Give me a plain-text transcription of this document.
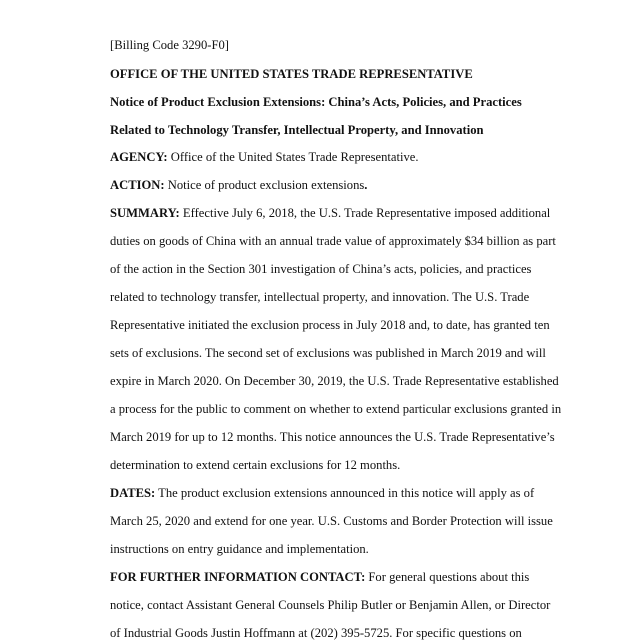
[Billing Code 3290-F0]
OFFICE OF THE UNITED STATES TRADE REPRESENTATIVE
Notice of Product Exclusion Extensions: China’s Acts, Policies, and Practices
Related to Technology Transfer, Intellectual Property, and Innovation
AGENCY: Office of the United States Trade Representative.
ACTION: Notice of product exclusion extensions.
SUMMARY: Effective July 6, 2018, the U.S. Trade Representative imposed additional
duties on goods of China with an annual trade value of approximately $34 billion as part
of the action in the Section 301 investigation of China’s acts, policies, and practices
related to technology transfer, intellectual property, and innovation. The U.S. Trade
Representative initiated the exclusion process in July 2018 and, to date, has granted ten
sets of exclusions. The second set of exclusions was published in March 2019 and will
expire in March 2020. On December 30, 2019, the U.S. Trade Representative established
a process for the public to comment on whether to extend particular exclusions granted in
March 2019 for up to 12 months. This notice announces the U.S. Trade Representative’s
determination to extend certain exclusions for 12 months.
DATES: The product exclusion extensions announced in this notice will apply as of
March 25, 2020 and extend for one year. U.S. Customs and Border Protection will issue
instructions on entry guidance and implementation.
FOR FURTHER INFORMATION CONTACT: For general questions about this
notice, contact Assistant General Counsels Philip Butler or Benjamin Allen, or Director
of Industrial Goods Justin Hoffmann at (202) 395-5725. For specific questions on
